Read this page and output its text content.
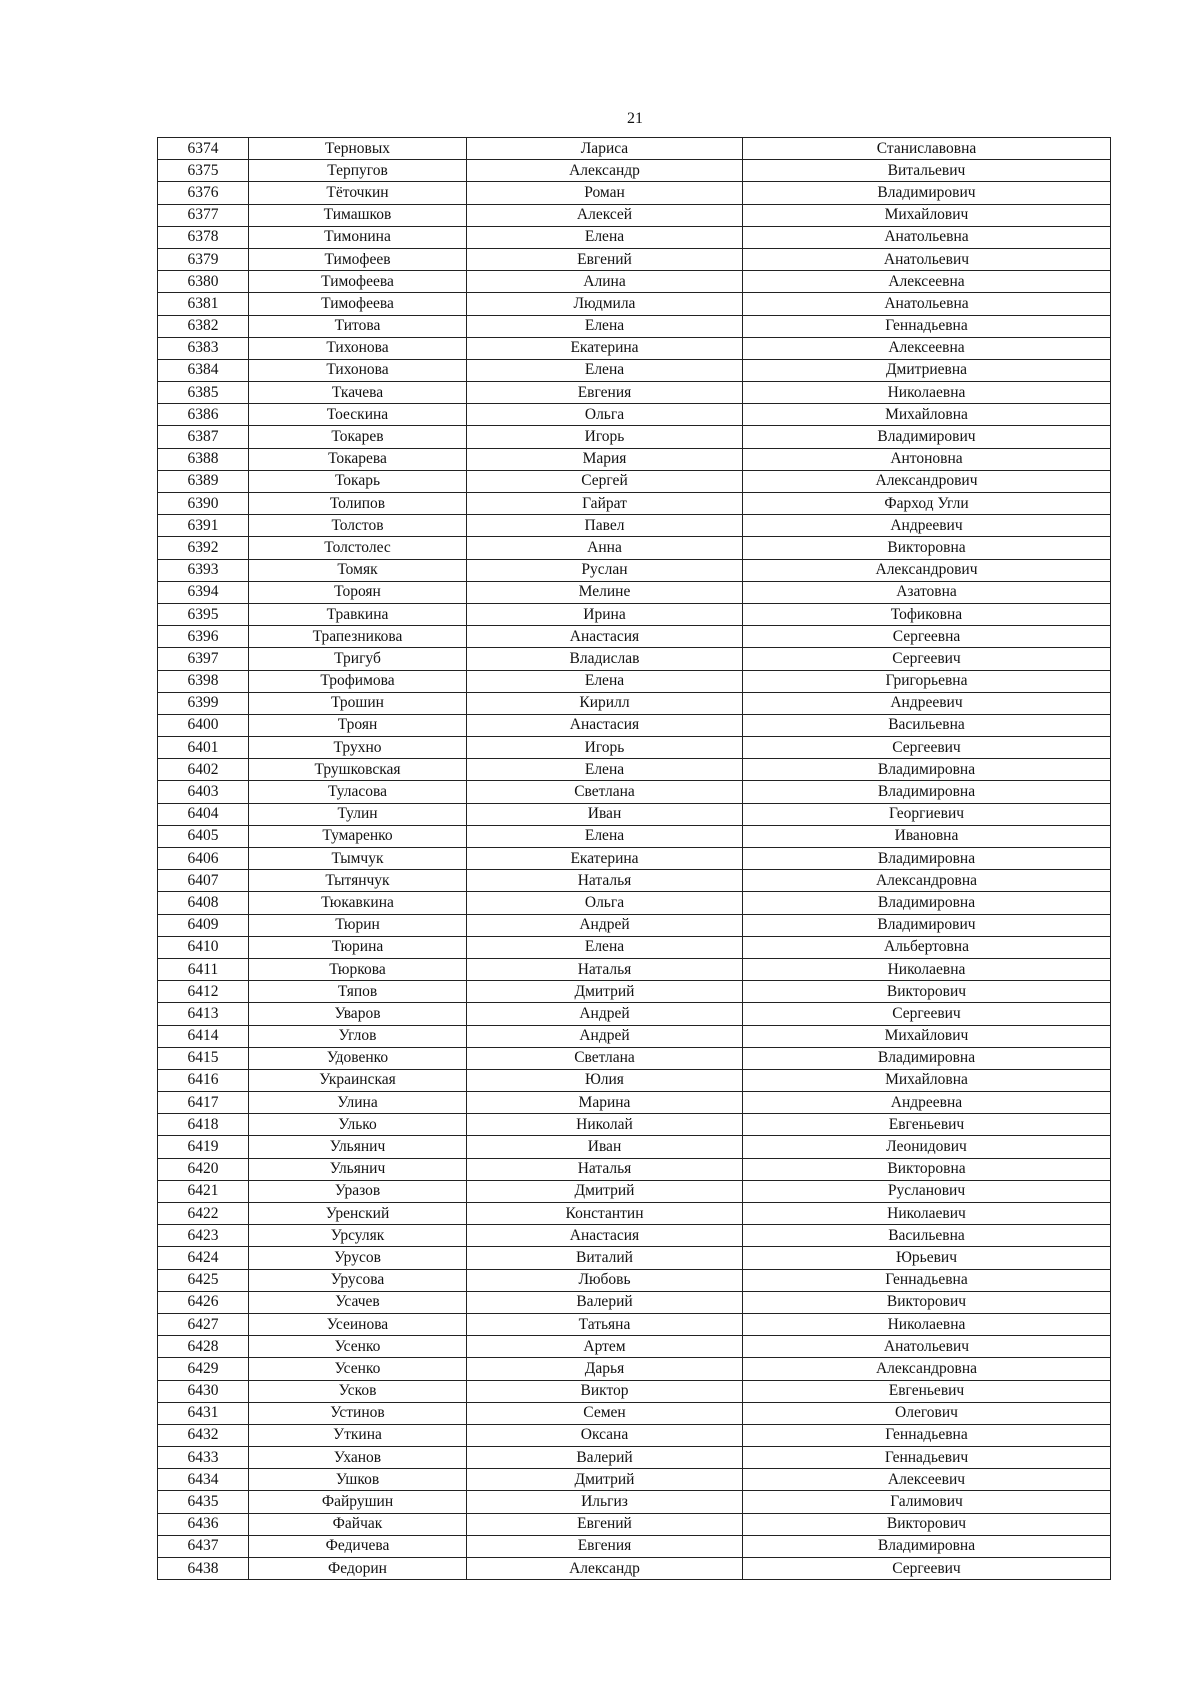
21
6374	Терновых	Лариса	Станиславовна
6375	Терпугов	Александр	Витальевич
6376	Тёточкин	Роман	Владимирович
6377	Тимашков	Алексей	Михайлович
6378	Тимонина	Елена	Анатольевна
6379	Тимофеев	Евгений	Анатольевич
6380	Тимофеева	Алина	Алексеевна
6381	Тимофеева	Людмила	Анатольевна
6382	Титова	Елена	Геннадьевна
6383	Тихонова	Екатерина	Алексеевна
6384	Тихонова	Елена	Дмитриевна
6385	Ткачева	Евгения	Николаевна
6386	Тоескина	Ольга	Михайловна
6387	Токарев	Игорь	Владимирович
6388	Токарева	Мария	Антоновна
6389	Токарь	Сергей	Александрович
6390	Толипов	Гайрат	Фарход Угли
6391	Толстов	Павел	Андреевич
6392	Толстолес	Анна	Викторовна
6393	Томяк	Руслан	Александрович
6394	Тороян	Мелине	Азатовна
6395	Травкина	Ирина	Тофиковна
6396	Трапезникова	Анастасия	Сергеевна
6397	Тригуб	Владислав	Сергеевич
6398	Трофимова	Елена	Григорьевна
6399	Трошин	Кирилл	Андреевич
6400	Троян	Анастасия	Васильевна
6401	Трухно	Игорь	Сергеевич
6402	Трушковская	Елена	Владимировна
6403	Туласова	Светлана	Владимировна
6404	Тулин	Иван	Георгиевич
6405	Тумаренко	Елена	Ивановна
6406	Тымчук	Екатерина	Владимировна
6407	Тытянчук	Наталья	Александровна
6408	Тюкавкина	Ольга	Владимировна
6409	Тюрин	Андрей	Владимирович
6410	Тюрина	Елена	Альбертовна
6411	Тюркова	Наталья	Николаевна
6412	Тяпов	Дмитрий	Викторович
6413	Уваров	Андрей	Сергеевич
6414	Углов	Андрей	Михайлович
6415	Удовенко	Светлана	Владимировна
6416	Украинская	Юлия	Михайловна
6417	Улина	Марина	Андреевна
6418	Улько	Николай	Евгеньевич
6419	Ульянич	Иван	Леонидович
6420	Ульянич	Наталья	Викторовна
6421	Уразов	Дмитрий	Русланович
6422	Уренский	Константин	Николаевич
6423	Урсуляк	Анастасия	Васильевна
6424	Урусов	Виталий	Юрьевич
6425	Урусова	Любовь	Геннадьевна
6426	Усачев	Валерий	Викторович
6427	Усеинова	Татьяна	Николаевна
6428	Усенко	Артем	Анатольевич
6429	Усенко	Дарья	Александровна
6430	Усков	Виктор	Евгеньевич
6431	Устинов	Семен	Олегович
6432	Уткина	Оксана	Геннадьевна
6433	Уханов	Валерий	Геннадьевич
6434	Ушков	Дмитрий	Алексеевич
6435	Файрушин	Ильгиз	Галимович
6436	Файчак	Евгений	Викторович
6437	Федичева	Евгения	Владимировна
6438	Федорин	Александр	Сергеевич
